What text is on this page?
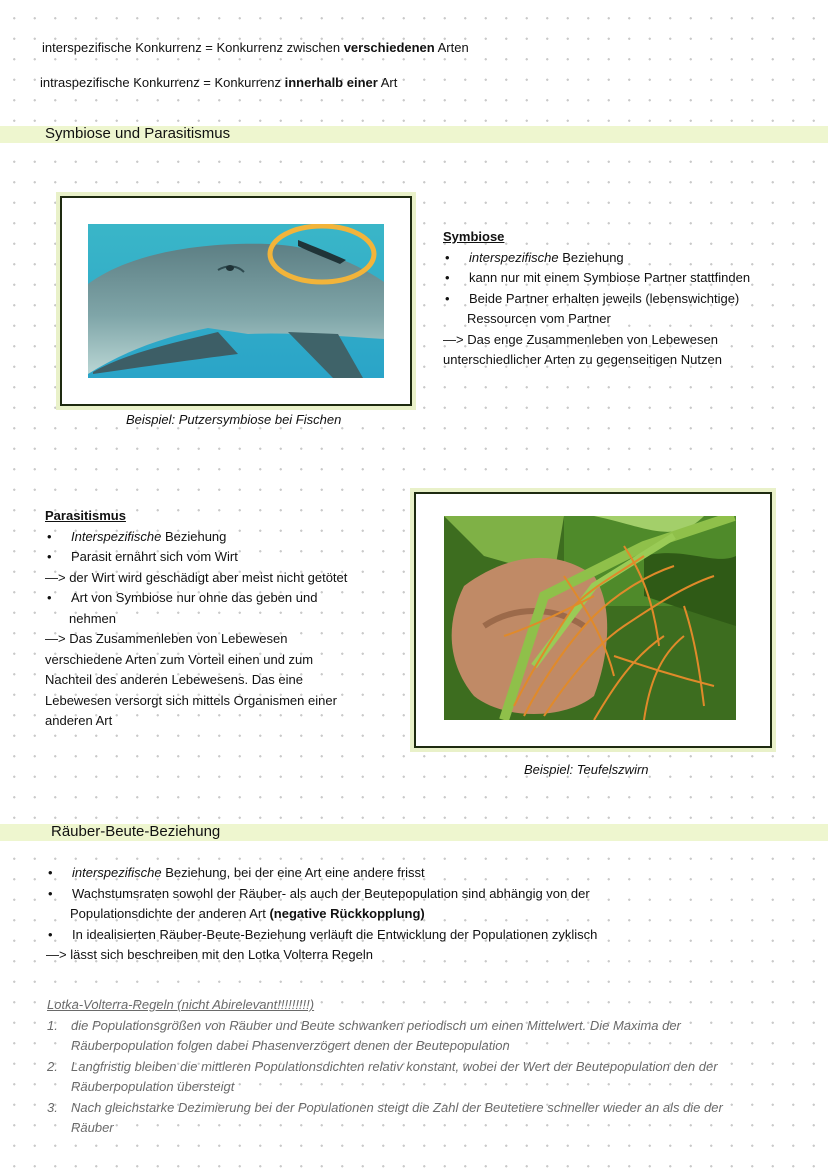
interspezifische Konkurrenz = Konkurrenz zwischen verschiedenen Arten
intraspezifische Konkurrenz = Konkurrenz innerhalb einer Art
Symbiose und Parasitismus
Beispiel: Putzersymbiose bei Fischen
Symbiose
•	interspezifische Beziehung
•	kann nur mit einem Symbiose Partner stattfinden
•	Beide Partner erhalten jeweils (lebenswichtige)
Ressourcen vom Partner
—> Das enge Zusammenleben von Lebewesen
unterschiedlicher Arten zu gegenseitigen Nutzen
Parasitismus
•	Interspezifische Beziehung
•	Parasit ernährt sich vom Wirt
—> der Wirt wird geschädigt aber meist nicht getötet
•	Art von Symbiose nur ohne das geben und
nehmen
—> Das Zusammenleben von Lebewesen
verschiedene Arten zum Vorteil einen und zum
Nachteil des anderen Lebewesens. Das eine
Lebewesen versorgt sich mittels Organismen einer
anderen Art
Beispiel: Teufelszwirn
Räuber-Beute-Beziehung
•	interspezifische Beziehung, bei der eine Art eine andere frisst
•	Wachstumsraten sowohl der Räuber- als auch der Beutepopulation sind abhängig von der
Populationsdichte der anderen Art (negative Rückkopplung)
•	In idealisierten Räuber-Beute-Beziehung verläuft die Entwicklung der Populationen zyklisch
—> lässt sich beschreiben mit den Lotka Volterra Regeln
Lotka-Volterra-Regeln (nicht Abirelevant!!!!!!!!!)
1. die Populationsgrößen von Räuber und Beute schwanken periodisch um einen Mittelwert. Die Maxima der
Räuberpopulation folgen dabei Phasenverzögert denen der Beutepopulation
2. Langfristig bleiben die mittleren Populationsdichten relativ konstant, wobei der Wert der Beutepopulation den der
Räuberpopulation übersteigt
3. Nach gleichstarke Dezimierung bei der Populationen steigt die Zahl der Beutetiere schneller wieder an als die der
Räuber
